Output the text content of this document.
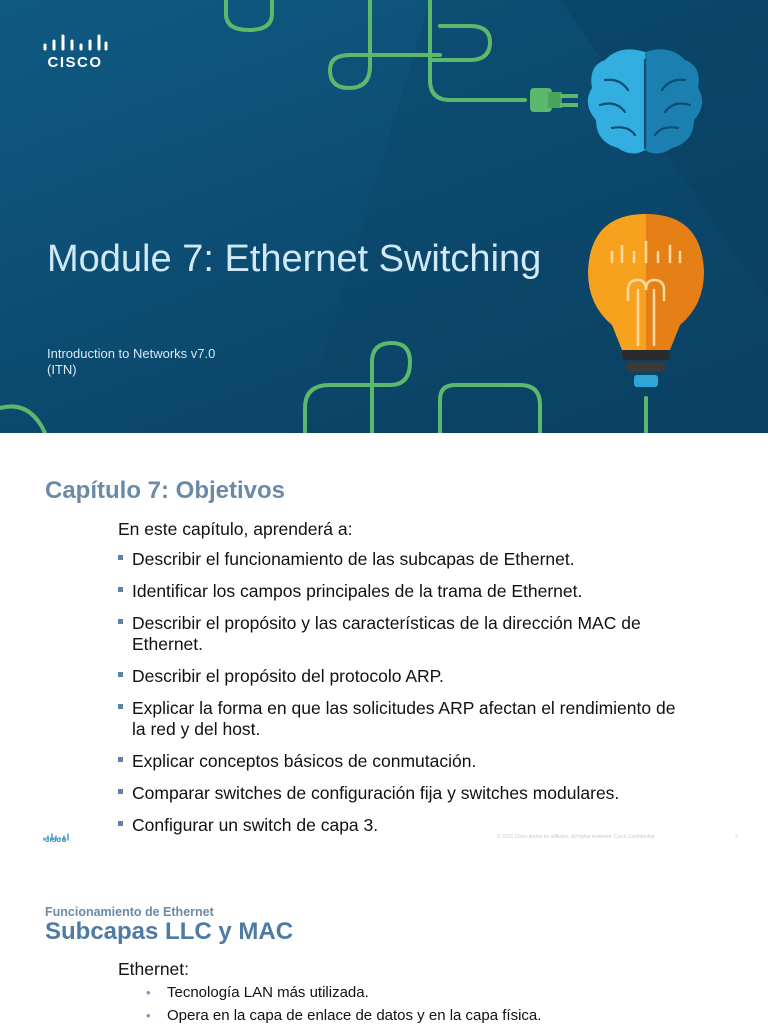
CISCO
Module 7: Ethernet Switching
Introduction to Networks v7.0
(ITN)
Capítulo 7: Objetivos
En este capítulo, aprenderá a:
Describir el funcionamiento de las subcapas de Ethernet.
Identificar los campos principales de la trama de Ethernet.
Describir el propósito y las características de la dirección MAC de Ethernet.
Describir el propósito del protocolo ARP.
Explicar la forma en que las solicitudes ARP afectan el rendimiento de la red y del host.
Explicar conceptos básicos de conmutación.
Comparar switches de configuración fija y switches modulares.
Configurar un switch de capa 3.
CISCO
© 2016 Cisco and/or its affiliates. All rights reserved. Cisco Confidential	2
Funcionamiento de Ethernet
Subcapas LLC y MAC
Ethernet:
• Tecnología LAN más utilizada.
• Opera en la capa de enlace de datos y en la capa física.
